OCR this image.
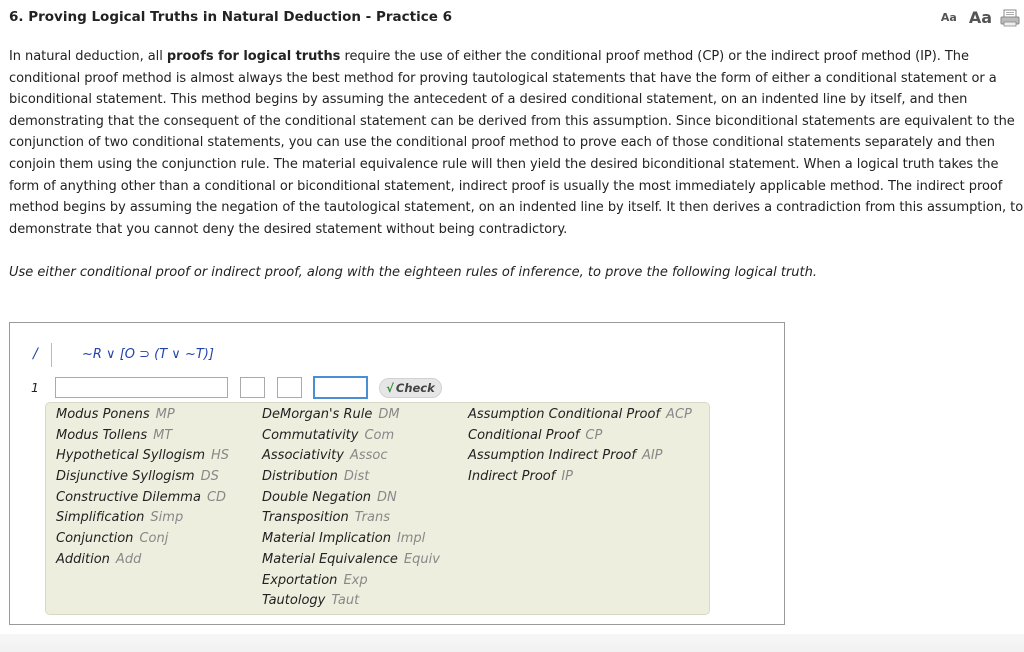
6. Proving Logical Truths in Natural Deduction - Practice 6	Aa Aa

In natural deduction, all proofs for logical truths require the use of either the conditional proof method (CP) or the indirect proof method (IP). The conditional proof method is almost always the best method for proving tautological statements that have the form of either a conditional statement or a biconditional statement. This method begins by assuming the antecedent of a desired conditional statement, on an indented line by itself, and then demonstrating that the consequent of the conditional statement can be derived from this assumption. Since biconditional statements are equivalent to the conjunction of two conditional statements, you can use the conditional proof method to prove each of those conditional statements separately and then conjoin them using the conjunction rule. The material equivalence rule will then yield the desired biconditional statement. When a logical truth takes the form of anything other than a conditional or biconditional statement, indirect proof is usually the most immediately applicable method. The indirect proof method begins by assuming the negation of the tautological statement, on an indented line by itself. It then derives a contradiction from this assumption, to demonstrate that you cannot deny the desired statement without being contradictory.

Use either conditional proof or indirect proof, along with the eighteen rules of inference, to prove the following logical truth.

/	~R ∨ [O ⊃ (T ∨ ~T)]
1	√ Check
Modus Ponens MP
Modus Tollens MT
Hypothetical Syllogism HS
Disjunctive Syllogism DS
Constructive Dilemma CD
Simplification Simp
Conjunction Conj
Addition Add
DeMorgan's Rule DM
Commutativity Com
Associativity Assoc
Distribution Dist
Double Negation DN
Transposition Trans
Material Implication Impl
Material Equivalence Equiv
Exportation Exp
Tautology Taut
Assumption Conditional Proof ACP
Conditional Proof CP
Assumption Indirect Proof AIP
Indirect Proof IP
